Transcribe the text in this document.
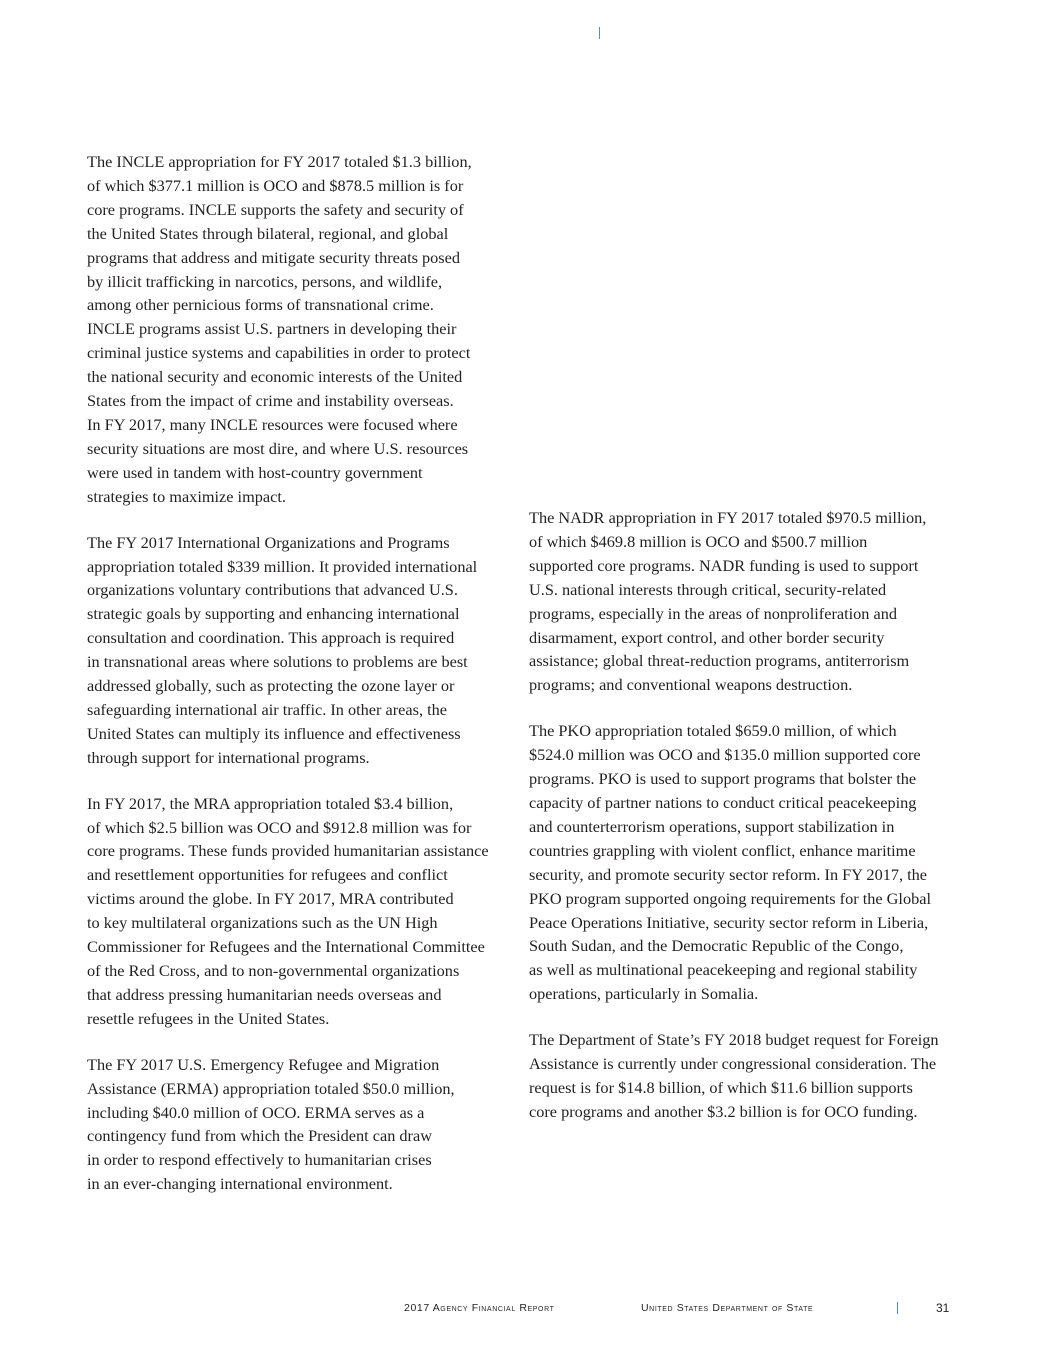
The INCLE appropriation for FY 2017 totaled $1.3 billion,
of which $377.1 million is OCO and $878.5 million is for
core programs. INCLE supports the safety and security of
the United States through bilateral, regional, and global
programs that address and mitigate security threats posed
by illicit trafficking in narcotics, persons, and wildlife,
among other pernicious forms of transnational crime.
INCLE programs assist U.S. partners in developing their
criminal justice systems and capabilities in order to protect
the national security and economic interests of the United
States from the impact of crime and instability overseas.
In FY 2017, many INCLE resources were focused where
security situations are most dire, and where U.S. resources
were used in tandem with host-country government
strategies to maximize impact.

The FY 2017 International Organizations and Programs
appropriation totaled $339 million. It provided international
organizations voluntary contributions that advanced U.S.
strategic goals by supporting and enhancing international
consultation and coordination. This approach is required
in transnational areas where solutions to problems are best
addressed globally, such as protecting the ozone layer or
safeguarding international air traffic. In other areas, the
United States can multiply its influence and effectiveness
through support for international programs.

In FY 2017, the MRA appropriation totaled $3.4 billion,
of which $2.5 billion was OCO and $912.8 million was for
core programs. These funds provided humanitarian assistance
and resettlement opportunities for refugees and conflict
victims around the globe. In FY 2017, MRA contributed
to key multilateral organizations such as the UN High
Commissioner for Refugees and the International Committee
of the Red Cross, and to non-governmental organizations
that address pressing humanitarian needs overseas and
resettle refugees in the United States.

The FY 2017 U.S. Emergency Refugee and Migration
Assistance (ERMA) appropriation totaled $50.0 million,
including $40.0 million of OCO. ERMA serves as a
contingency fund from which the President can draw
in order to respond effectively to humanitarian crises
in an ever-changing international environment.

The NADR appropriation in FY 2017 totaled $970.5 million,
of which $469.8 million is OCO and $500.7 million
supported core programs. NADR funding is used to support
U.S. national interests through critical, security-related
programs, especially in the areas of nonproliferation and
disarmament, export control, and other border security
assistance; global threat-reduction programs, antiterrorism
programs; and conventional weapons destruction.

The PKO appropriation totaled $659.0 million, of which
$524.0 million was OCO and $135.0 million supported core
programs. PKO is used to support programs that bolster the
capacity of partner nations to conduct critical peacekeeping
and counterterrorism operations, support stabilization in
countries grappling with violent conflict, enhance maritime
security, and promote security sector reform. In FY 2017, the
PKO program supported ongoing requirements for the Global
Peace Operations Initiative, security sector reform in Liberia,
South Sudan, and the Democratic Republic of the Congo,
as well as multinational peacekeeping and regional stability
operations, particularly in Somalia.

The Department of State’s FY 2018 budget request for Foreign
Assistance is currently under congressional consideration. The
request is for $14.8 billion, of which $11.6 billion supports
core programs and another $3.2 billion is for OCO funding.

2017 Agency Financial Report	United States Department of State	31
